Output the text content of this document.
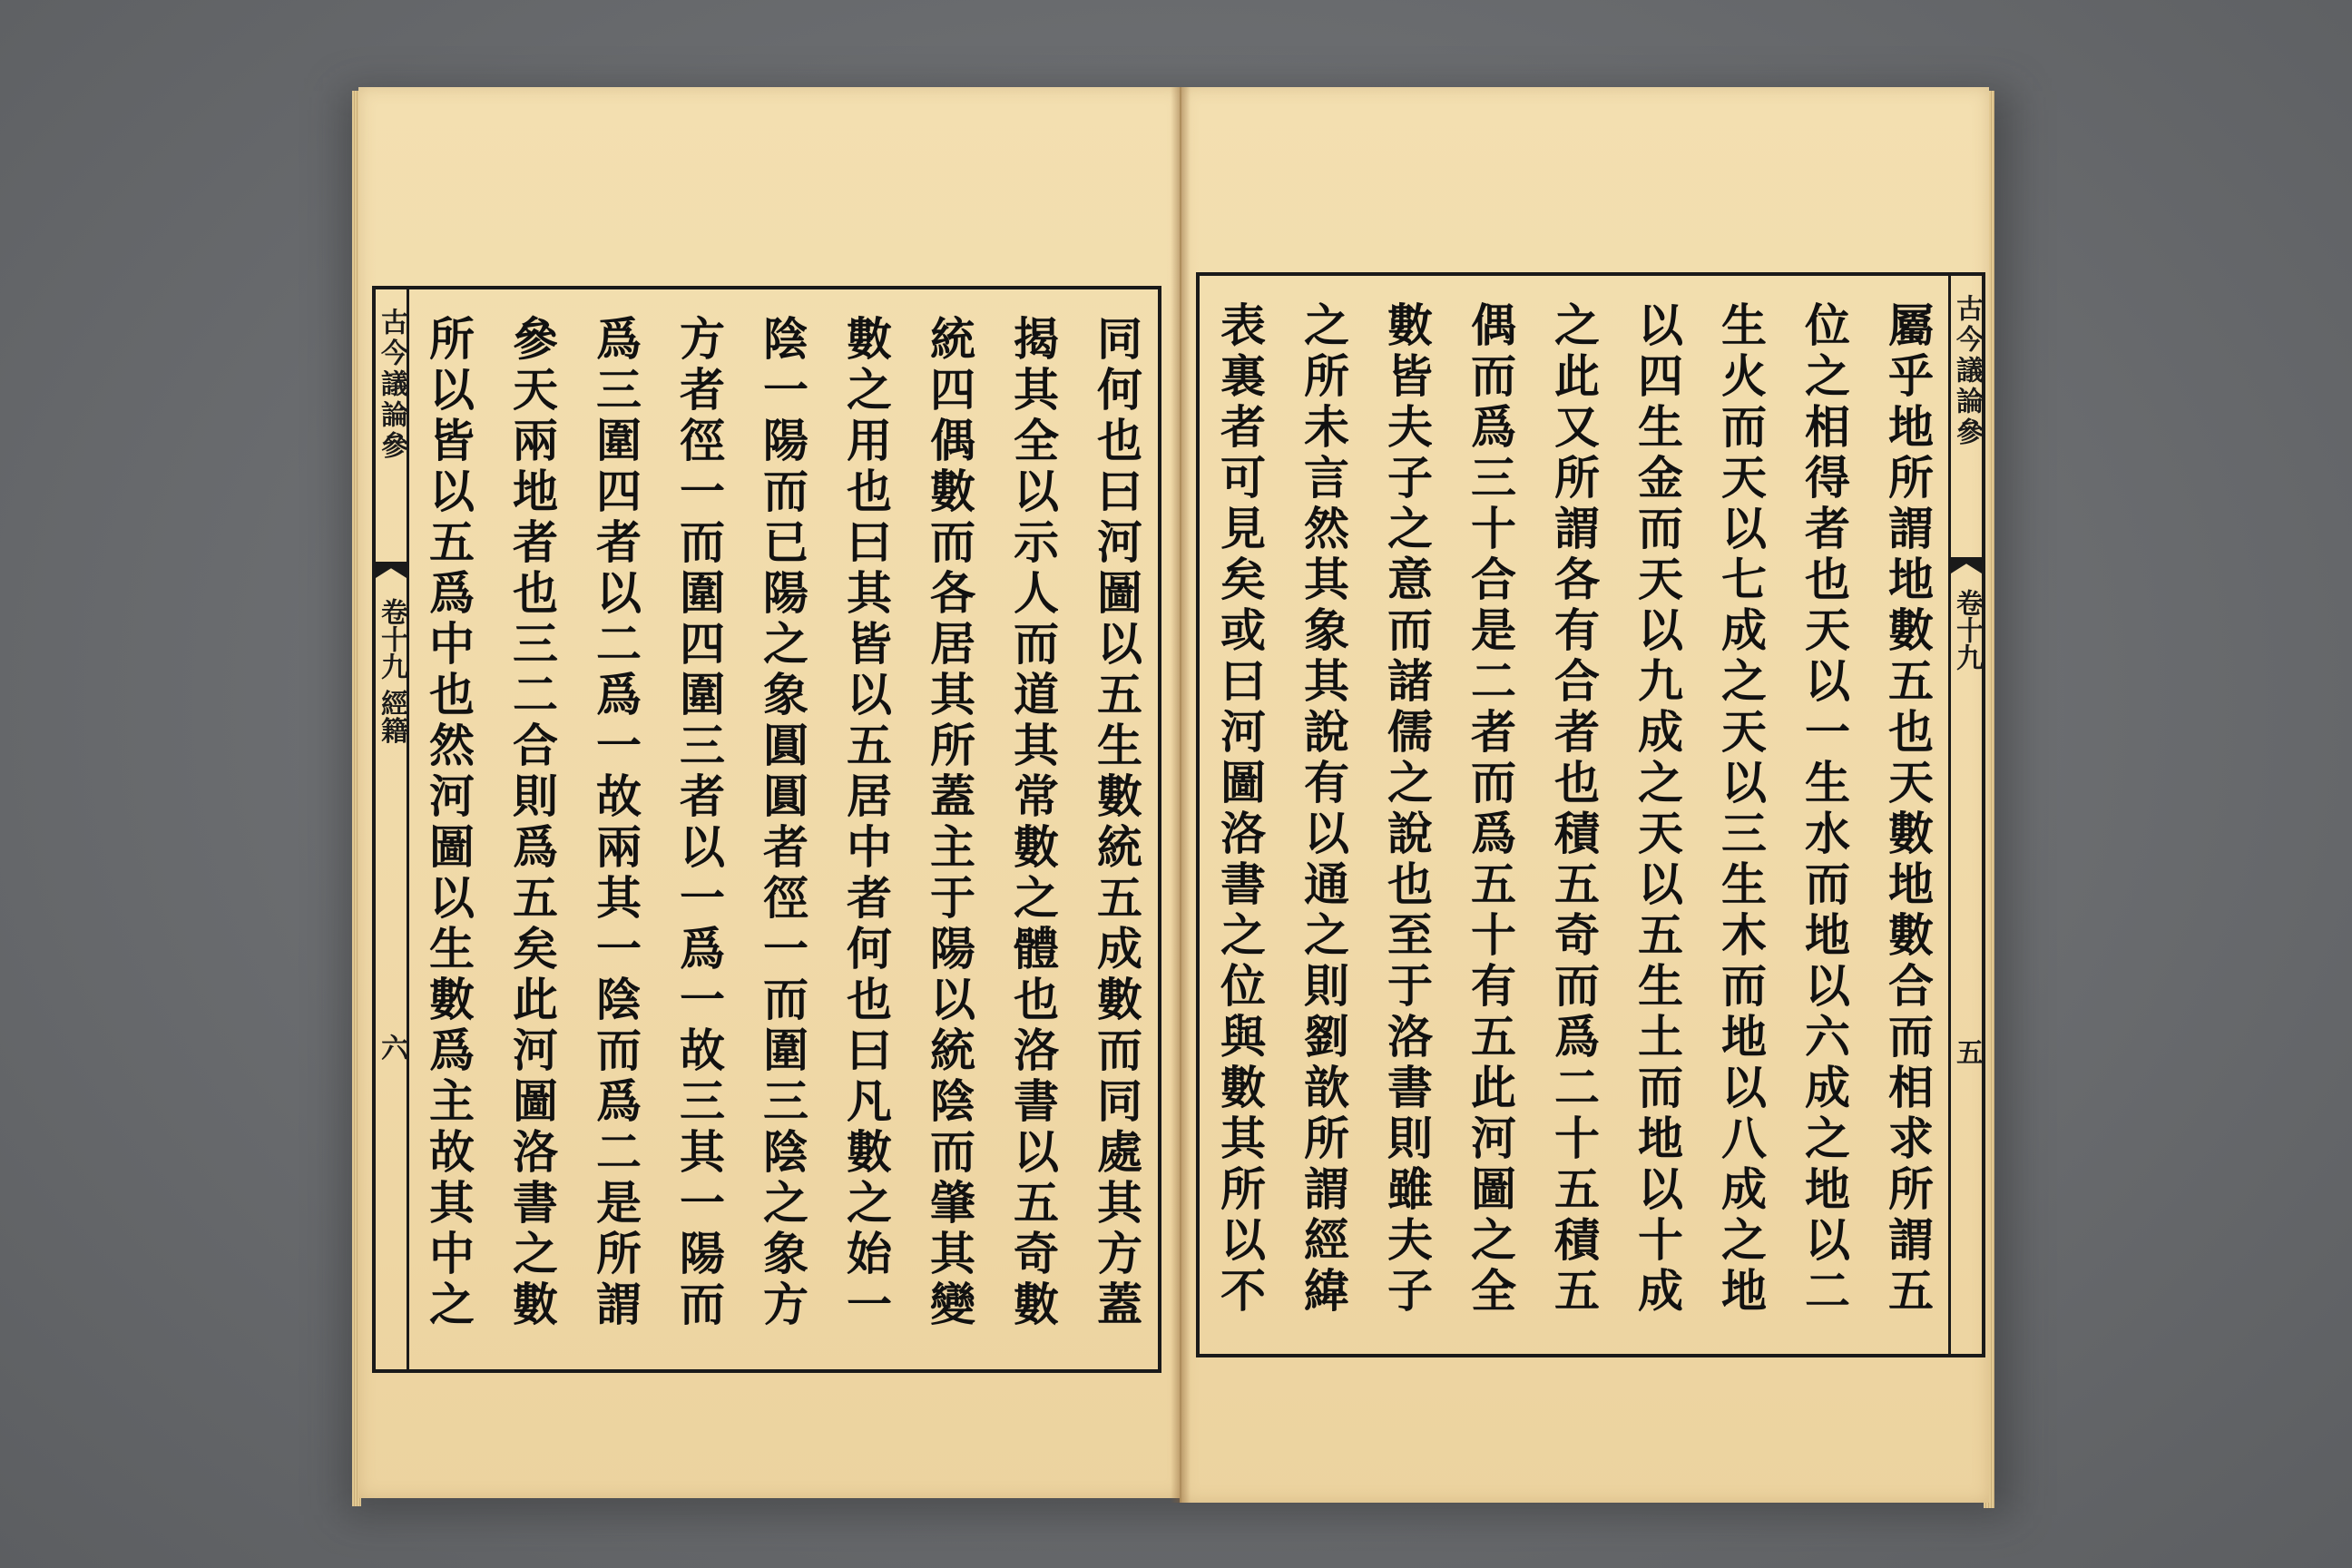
古今議論參
卷十九 經籍
六	同何也曰河圖以五生數統五成數而同處其方蓋
揭其全以示人而道其常數之體也洛書以五奇數
統四偶數而各居其所蓋主于陽以統陰而肇其變
數之用也曰其皆以五居中者何也曰凡數之始一
陰一陽而已陽之象圓圓者徑一而圍三陰之象方
方者徑一而圍四圍三者以一爲一故三其一陽而
爲三圍四者以二爲一故兩其一陰而爲二是所謂
參天兩地者也三二合則爲五矣此河圖洛書之數
所以皆以五爲中也然河圖以生數爲主故其中之	古今議論參
卷十九
五
屬乎地所謂地數五也天數地數合而相求所謂五
位之相得者也天以一生水而地以六成之地以二
生火而天以七成之天以三生木而地以八成之地
以四生金而天以九成之天以五生土而地以十成
之此又所謂各有合者也積五奇而爲二十五積五
偶而爲三十合是二者而爲五十有五此河圖之全
數皆夫子之意而諸儒之說也至于洛書則雖夫子
之所未言然其象其說有以通之則劉歆所謂經緯
表裏者可見矣或曰河圖洛書之位與數其所以不
